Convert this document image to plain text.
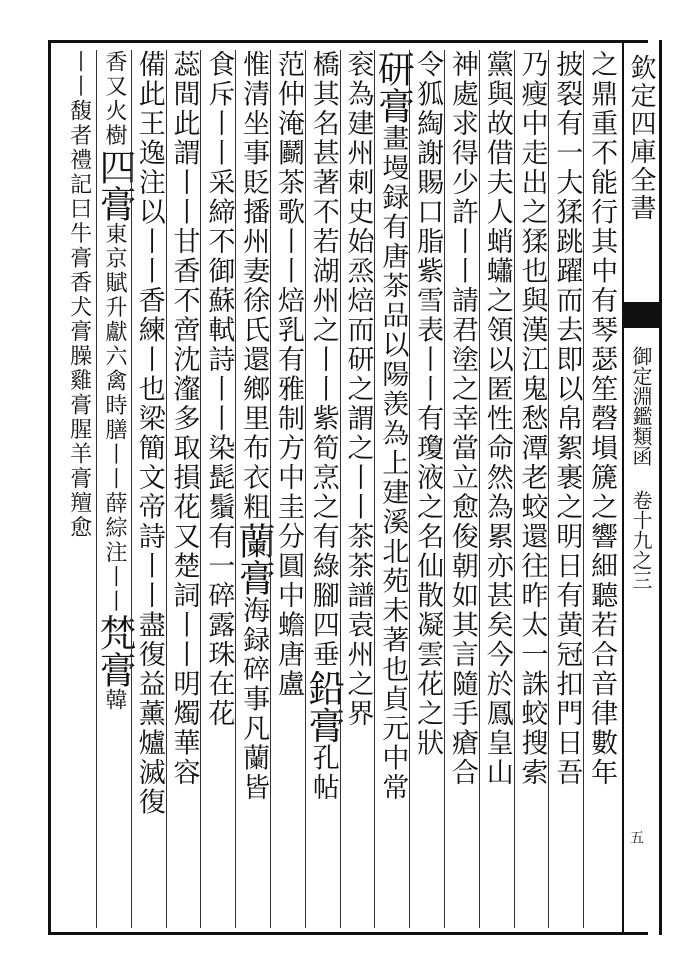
欽定四庫全書
御定淵鑑類函 卷十九之三
五
之鼎重不能行其中有琴瑟笙磬塤篪之響細聽若合音律數年
披裂有一大猱跳躍而去即以帛絮裹之明日有黄冠扣門日吾
乃瘦中走出之猱也與漢江鬼愁潭老蛟還往昨太一誅蛟搜索
黨與故借夫人蛸蠨之領以匿性命然為累亦甚矣今於鳳皇山
神處求得少許丨丨請君塗之幸當立愈俊朝如其言隨手瘡合
令狐綯謝賜口脂紫雪表丨丨有瓊液之名仙散凝雲花之狀
研膏畫墁録有唐茶品以陽羡為上建溪北苑未著也貞元中常
衮為建州刺史始烝焙而研之謂之丨丨茶茶譜袁州之界
橋其名甚著不若湖州之丨丨紫筍烹之有綠腳四垂鉛膏孔帖
范仲淹鬬茶歌丨丨焙乳有雅制方中圭分圓中蟾唐盧
惟清坐事貶播州妻徐氏還鄉里布衣粗蘭膏海録碎事凡蘭皆
食斥丨丨采締不御蘇軾詩丨丨染髭鬚有一碎露珠在花
蕊間此謂丨丨甘香不啻沈瀣多取損花又楚詞丨丨明燭華容
備此王逸注以丨丨香練丨也梁簡文帝詩丨丨盡復益薰爐滅復
香又火樹四膏東京賦升獻六禽時膳丨丨薛綜注丨丨梵膏韓
丨丨馥者禮記曰牛膏香犬膏臊雞膏腥羊膏羶愈
